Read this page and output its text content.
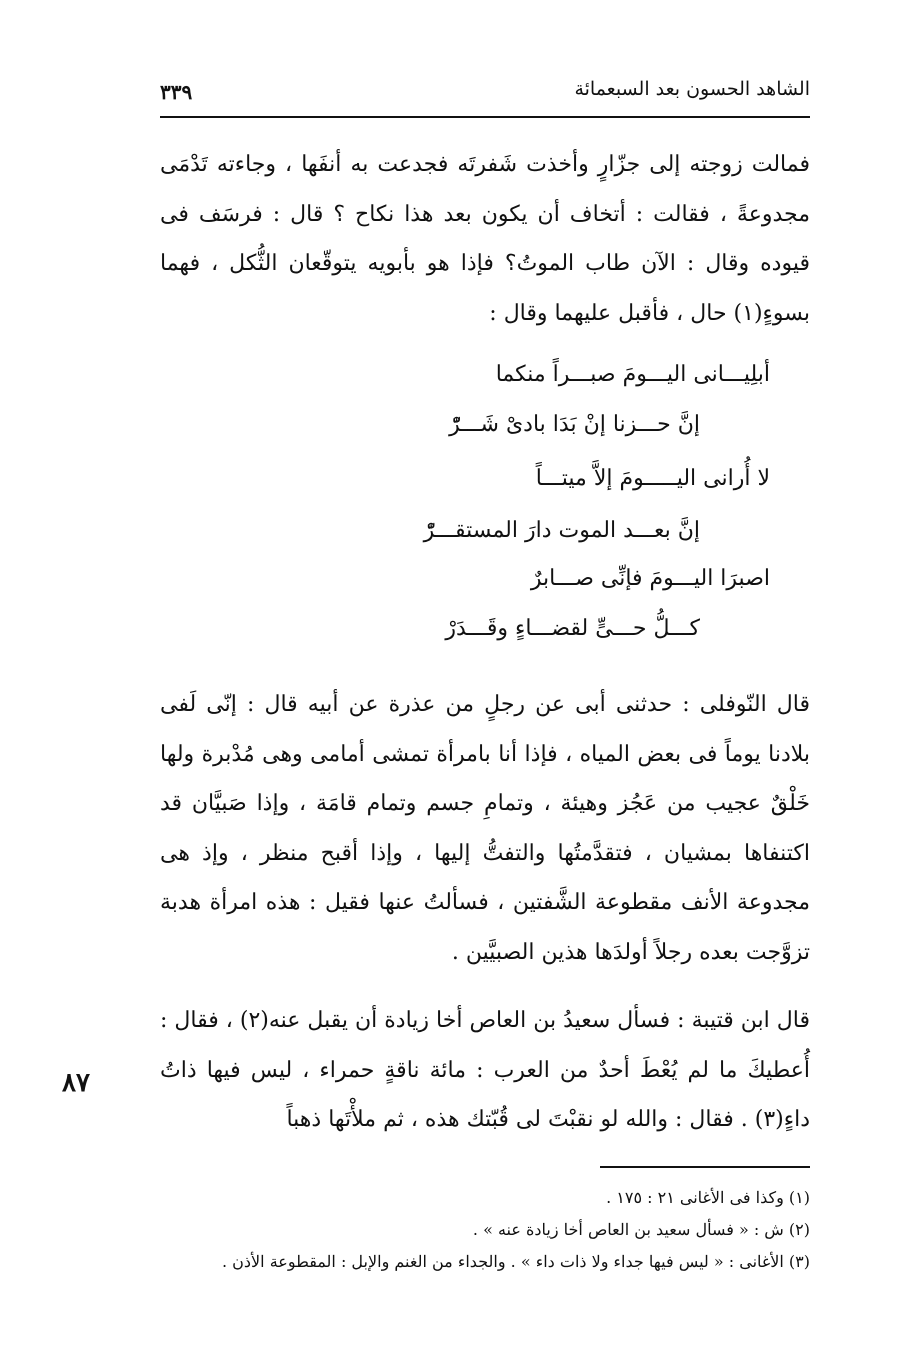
الشاهد الحسون بعد السبعمائة
٣٣٩

فمالت زوجته إلى جزّارٍ وأخذت شَفرتَه فجدعت به أنفَها ، وجاءته تَدْمَى مجدوعةً ، فقالت : أتخاف أن يكون بعد هذا نكاح ؟ قال : فرسَف فى قيوده وقال : الآن طاب الموتُ؟ فإذا هو بأبويه يتوقّعان الثُّكل ، فهما بسوءٍ(١) حال ، فأقبل عليهما وقال :

أبلِيـــانى اليـــومَ صبـــراً منكما
إنَّ حـــزنا إنْ بَدَا بادىْ شَـــرّْ
لا أُرانى اليـــــومَ إلاَّ ميتـــاً
إنَّ بعـــد الموت دارَ المستقـــرّْ
اصبرَا اليـــومَ فإنِّى صـــابرٌ
كـــلُّ حـــىٍّ لقضـــاءٍ وقَـــدَرْ

قال النّوفلى : حدثنى أبى عن رجلٍ من عذرة عن أبيه قال : إنّى لَفى بلادنا يوماً فى بعض المياه ، فإذا أنا بامرأة تمشى أمامى وهى مُدْبرة ولها خَلْقٌ عجيب من عَجُز وهيئة ، وتمامِ جسم وتمام قامَة ، وإذا صَبيَّان قد اكتنفاها بمشيان ، فتقدَّمتُها والتفتُّ إليها ، وإذا أقبح منظر ، وإذ هى مجدوعة الأنف مقطوعة الشَّفتين ، فسألتُ عنها فقيل : هذه امرأة هدبة تزوَّجت بعده رجلاً أولدَها هذين الصبيَّين .

قال ابن قتيبة : فسأل سعيدُ بن العاص أخا زيادة أن يقبل عنه(٢) ، فقال : أُعطيكَ ما لم يُعْطَ أحدٌ من العرب : مائة ناقةٍ حمراء ، ليس فيها ذاتُ داءٍ(٣) . فقال : والله لو نقبْتَ لى قُبّتك هذه ، ثم ملأْتَها ذهباً

٨٧
(١) وكذا فى الأغانى ٢١ : ١٧٥ .
(٢) ش : « فسأل سعيد بن العاص أخا زيادة عنه » .
(٣) الأغانى : « ليس فيها جداء ولا ذات داء » . والجداء من الغنم والإبل : المقطوعة الأذن .
